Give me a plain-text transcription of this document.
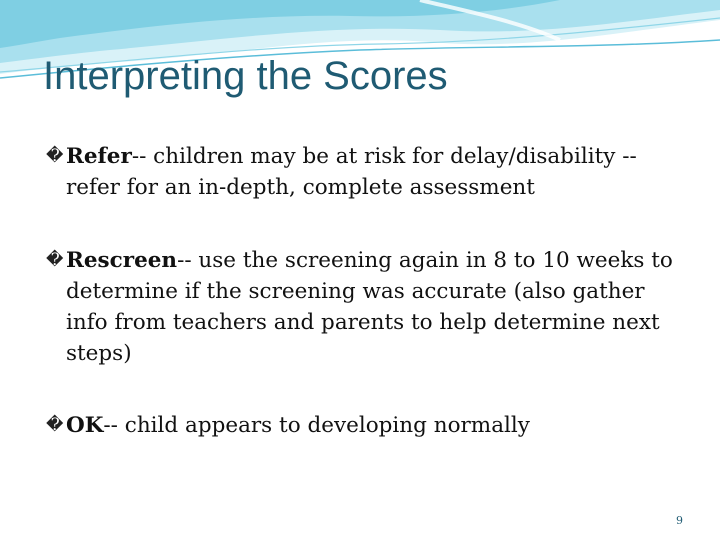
Interpreting the Scores
� Refer-- children may be at risk for delay/disability -- refer for an in-depth, complete assessment
� Rescreen-- use the screening again in 8 to 10 weeks to determine if the screening was accurate (also gather info from teachers and parents to help determine next steps)
� OK-- child appears to developing normally
9
